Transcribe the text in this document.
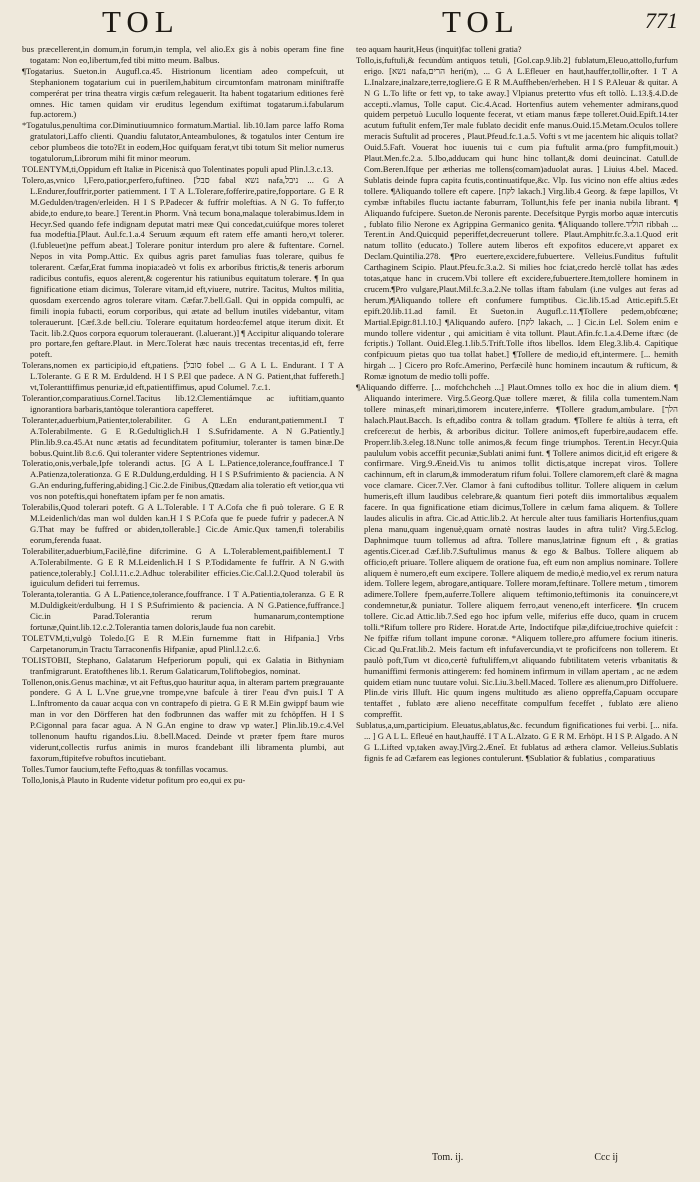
TOL	TOL	771

bus præcellerent,in domum,in forum,in templa, vel alio.Ex gis à nobis operam fine fine togatam: Non eo,libertum,fed tibi mitto meum. Balbus.

¶Togatarius. Sueton.in Augufl.ca.45. Histrionum licentiam adeo compefcuit, ut Stephanionem togatarium cui in puerilem,habitum circumtonfam matronam miniftraffe comperérat per trina theatra virgis cæfum relegauerit. Ita habent togatarium editiones ferè omnes. Hic tamen quidam vir eruditus legendum exiftimat togatarum.i.fabularum fup.actorem.)

*Togatulus,penultima cor.Diminutiuumnico formatum.Martial. lib.10.Iam parce laffo Roma gratulatori,Laffo clienti. Quandiu falutator,Anteambulones, & togatulos inter Centum ire cebor plumbeos die toto?Et in eodem,Hoc quifquam ferat,vt tibi totum Sit melior numerus togatulorum,Librorum mihi fit minor meorum.

TOLENTYM,ti,Oppidum eft Italiæ in Picenis:à quo Tolentinates populi apud Plin.l.3.c.13.

Tolero,as,vnico l,Fero,patior,perfero,fuftineo. [סבל fabal נשא nafa,ניבל ... G A L.Endurer,fouffrir,porter patiemment. I T A L.Tolerare,fofferire,patire,fopportare. G E R M.Gedulden/tragen/erleiden. H I S P.Padecer & fuffrir moleftias. A N G. To fuffer,to abide,to endure,to beare.] Terent.in Phorm. Vnà tecum bona,malaque tolerabimus.Idem in Hecyr.Sed quando fefe indignam deputat matri meæ Qui concedat,cuiúfque mores toleret fua modeftia.[Plaut. Aul.fc.1.a.4 Seruum æquum eft ratem effe amanti hero,vt tolerer.(l.fubleuet)ne peffum abeat.] Tolerare ponitur interdum pro alere & fuftentare. Cornel. Nepos in vita Pomp.Attic. Ex quibus agris paret famulias fuas tolerare, quibus fe tolerarent. Cæfar,Erat fumma inopia:adeò vt folis ex arboribus ftrictis,& teneris arborum radicibus contufis, equos alerent,& cogerentur his ratiunibus equitatum tolerare. ¶ In qua fignificatione etiam dicimus, Tolerare vitam,id eft,viuere, nutrire. Tacitus, Multos militia, quosdam exercendo agros tolerare vitam. Cæfar.7.bell.Gall. Qui in oppida compulfi, ac fimili inopia fubacti, eorum corporibus, qui ætate ad bellum inutiles videbantur, vitam tolerauerunt. [Cæf.3.de bell.ciu. Tolerare equitatum hordeo:femel atque iterum dixit. Et Tacit. lib.2.Quos corpora equorum tolerauerant. (l.aluerant.)] ¶ Accipitur aliquando tolerare pro portare,fen geftare.Plaut. in Merc.Tolerat hæc nauis trecentas trecentas,id eft, ferre poteft.

Tolerans,nomen ex participio,id eft,patiens. [סובל fobel ... G A L L. Endurant. I T A L.Tolerante. G E R M. Erduldend. H I S P.El que padece. A N G. Patient,that fuffereth.] vt,Toleranttiffimus penuriæ,id eft,patientiffimus, apud Columel. 7.c.1.

Tolerantior,comparatiuus.Cornel.Tacitus lib.12.Clementiámque ac iuftitiam,quanto ignorantiora barbaris,tantòque tolerantiora capefferet.

Toleranter,aduerbium,Patienter,tolerabiliter. G A L.En endurant,patiemment.I T A.Tolerabilmente. G E R.Gedultiglich.H I S.Sufridamente. A N G.Patiently.] Plin.lib.9.ca.45.At nunc ætatis ad fecunditatem pofitumiur, toleranter is tamen binæ.De bobus.Quint.lib 8.c.6. Qui toleranter videre Septentriones videmur.

Toleratio,onis,verbale,Ipfe tolerandi actus. [G A L L.Patience,tolerance,fouffrance.I T A.Patienza,tolerationza. G E R.Duldung,erdulding. H I S P.Sufrimiento & paciencia. A N G.An enduring,fuffering,abiding.] Cic.2.de Finibus,Qu̅ædam alia toleratio eft vetior,qua vti vos non poteftis,qui honeftatem ipfam per fe non amatis.

Tolerabilis,Quod tolerari poteft. G A L.Tolerable. I T A.Cofa che fi può tolerare. G E R M.Leidenlich/das man wol dulden kan.H I S P.Cofa que fe puede fufrir y padecer.A N G.That may be fuffred or abiden,tollerable.] Cic.de Amic.Qux tamen,fi tolerabilis eorum,ferenda fuaat.

Tolerabiliter,aduerbium,Facilè,fine difcrimine. G A L.Tolerablement,paifiblement.I T A.Tolerabilmente. G E R M.Leidenlich.H I S P.Todidamente fe fuffrir. A N G.with patience,tolerably.] Col.l.11.c.2.Adhuc tolerabiliter efficies.Cic.Cal.l.2.Quod tolerabil ùs iguiculum defideri tui ferremus.

Toleranta,tolerantia. G A L.Patience,tolerance,fouffrance. I T A.Patientia,toleranza. G E R M.Duldigkeit/erdulbung. H I S P.Sufrimiento & paciencia. A N G.Patience,fuffrance.] Cic.in Parad.Tolerantia rerum humanarum,contemptione fortunæ,Quint.lib.12.c.2.Tolerantia tamen doloris,laude fua non carebit.

TOLETVM,ti,vulgò Toledo.[G E R M.Ein furnemme ftatt in Hifpania.] Vrbs Carpetanorum,in Tractu Tarraconenfis Hifpaniæ, apud Plinl.l.2.c.6.

TOLISTOBII, Stephano, Galatarum Hefperiorum populi, qui ex Galatia in Bithyniam tranfmigrarunt. Eratofthenes lib.1. Rerum Galaticarum,Toliftobegios, nominat.

Tollenon,onis.Genus machinæ, vt ait Feftus,quo hauritur aqua, in alteram partem prægrauante pondere. G A L L.Vne grue,vne trompe,vne bafcule à tirer l'eau d'vn puis.I T A L.Inftromento da cauar acqua con vn contrapefo di pietra. G E R M.Ein gwippf baum wie man in vor den Dörfferen hat den fodbrunnen das waffer mit zu fchöpffen. H I S P.Cigonnal para facar agua. A N G.An engine to draw vp water.] Plin.lib.19.c.4.Vel tollenonum hauftu rigandos.Liu. 8.bell.Maced. Deinde vt præter fpem ftare muros viderunt,collectis rurfus animis in muros fcandebant illi libramenta plumbi, aut faxorum,ftipitefve robuftos incutiebant.

Tolles.Tumor faucium,tefte Fefto,quas & tonfillas vocamus.

Tollo,lonis,à Plauto in Rudente videtur pofitum pro eo,qui ex pu-

teo aquam haurit,Heus (inquit)fac tolleni gratia?

Tollo,is,fuftuli,& fecundùm antiquos tetuli, [Gol.cap.9.lib.2] fublatum,Eleuo,attollo,furfum erigo. [נשא nafa,הרים heri(m), ... G A L.Efleuer en haut,hauffer,tollir,ofter. I T A L.Inalzare,inalzare,terre,togliere.G E R M.Auffheben/erheben. H I S P.Aleuar & quitar. A N G L.To lifte or fett vp, to take away.] Vlpianus pretertto vfus eft tollò. L.13.§.4.D.de accepti..vlamus, Tolle caput. Cic.4.Acad. Hortenfius autem vehementer admirans,quod quidem perpetuò Lucullo loquente fecerat, vt etiam manus fæpe tolleret.Ouid.Epift.14.ter acutum fuftulit enfem,Ter male fublato decidit enfe manus.Ouid.15.Metam.Oculos tollere meracis Suftulit ad proceres , Plaut.Pfeud.fc.1.a.5. Vofti s vt me jacentem hic aliquis tollat? Ouid.5.Faft. Vouerat hoc iuuenis tui c cum pia fuftulit arma.(pro fumpfit,mouit.) Plaut.Men.fc.2.a. 5.Ibo,adducam qui hunc hinc tollant,& domi deuincinat. Catull.de Com.Beren.Ifque per ætherias me tollens(comam)aduolat auras. ] Liuius 4.bel. Maced. Sublatis deinde fupra capita fcutis,continuatifque,&c. Vlp. Ius vicino non effe altius ædes tollere. ¶Aliquando tollere eft capere. [לקח lakach.] Virg.lib.4 Georg. & fæpe lapillos, Vt cymbæ inftabiles fluctu iactante faburram, Tollunt,his fefe per inania nubila librant. ¶ Aliquando fufcipere. Sueton.de Neronis parente. Decefsitque Pyrgis morbo aquæ intercutis , fublato filio Nerone ex Agrippina Germanico genita. ¶Aliquando tollere.הוליד ribbah ... Terent.in And.Quicquid peperiffet,decreuerunt tollere. Plaut.Amphitr.fc.3.a.1.Quod erit natum tollito (educato.) Tollere autem liberos eft expofitos educere,vt apparet ex Declam.Quintilia.278. ¶Pro euertere,excidere,fubuertere. Velleius.Funditus fuftulit Carthaginem Scipio. Plaut.Pfeu.fc.3.a.2. Si milies hoc fciat,credo herclè tollat has ædes totas,atque hanc in crucem.Vbi tollere eft excidere,fubuertere.Item,tollere hominem in crucem.¶Pro vulgare,Plaut.Mil.fc.3.a.2.Ne tollas iftam fabulam (i.ne vulges aut feras ad herum.)¶Aliquando tollere eft confumere fumptibus. Cic.lib.15.ad Attic.epift.5.Et epift.20.lib.11.ad famil. Et Sueton.in Augufl.c.11.¶Tollere pedem,obfcœne; Martial.Epigr.81.l.10.] ¶Aliquando aufero. [לקח lakach, ... ] Cic.in Lel. Solem enim e mundo tollere videntur , qui amicitiam è vita tollunt. Plaut.Afin.fc.1.a.4.Deme iftæc (de fcriptis.) Tollant. Ouid.Eleg.1.lib.5.Trift.Tolle iftos libellos. Idem Eleg.3.lib.4. Capitìque confpicuum pietas quo tua tollat habet.] ¶Tollere de medio,id eft,intermere. [... hemith hirgah ... ] Cicero pro Rofc.Amerino, Perfæcilè hunc hominem incautum & rufticum, & Romæ ignotum de medio tolli poffe.

¶Aliquando differre. [... mofchchcheh ...] Plaut.Omnes tollo ex hoc die in alium diem. ¶ Aliquando interimere. Virg.5.Georg.Quæ tollere mæret, & filila colla tumentem.Nam tollere minas,eft minari,timorem incutere,inferre. ¶Tollere gradum,ambulare. [הלך halach.Plaut.Bacch. Is eft,adibo contra & tollam gradum. ¶Tollere fe altiùs à terra, eft crefcere:ut de herbis, & arboribus dicitur. Tollere animos,eft fuperbire,audacem effe. Properr.lib.3.eleg.18.Nunc tolle animos,& fecum finge triumphos. Terent.in Hecyr.Quia paululum vobis acceffit pecuniæ,Sublati animi funt. ¶ Tollere animos dicit,id eft erigere & confirmare. Virg.9.Æneid.Vis tu animos tollit dictis,atque increpat viros. Tollere cachinnum, eft in clarum,& immoderatum rifum folui. Tollere clamorem,eft clarè & magna voce clamare. Cicer.7.Ver. Clamor à fani cuftodibus tollitur. Tollere aliquem in cælum humeris,eft illum laudibus celebrare,& quantum fieri poteft diis immortalibus æqualem facere. In qua fignificatione etiam dicimus,Tollere in cælum fama aliquem. & Tollere laudes aliculis in aftra. Cic.ad Attic.lib.2. At hercule alter tuus familiaris Hortenfius,quam plena manu,quam ingenuè,quam ornatè nostras laudes in aftra tulit? Virg.5.Eclog. Daphnimque tuum tollemus ad aftra. Tollere manus,latrinæ fignum eft , & gratias agentis.Cicer.ad Cæf.lib.7.Suftulimus manus & ego & Balbus. Tollere aliquem ab officio,eft priuare. Tollere aliquem de oratione fua, eft eum non amplius nominare. Tollere aliquem è numero,eft eum excipere. Tollere aliquem de medio,è medio,vel ex rerum natura idem. Tollere legem, abrogare,antiquare. Tollere moram,feftinare. Tollere metum , timorem adimere.Tollere fpem,auferre.Tollere aliquem teftimonio,teftimonis ita conuincere,vt condemnetur,& puniatur. Tollere aliquem ferro,aut veneno,eft interficere. ¶In crucem tollere. Cic.ad Attic.lib.7.Sed ego hoc ipfum velle, miferius effe duco, quam in crucem tolli.*Rifum tollere pro Ridere. Horat.de Arte, Indoctifque pilæ,difciue,trochive quiefcit : Ne fpiffæ rifum tollant impune coronæ. *Aliquem tollere,pro affumere focium itineris. Cic.ad Qu.Frat.lib.2. Meis factum eft infufavercundia,vt te proficifcens non tollerem. Et paulò poft,Tum vt dico,certè fuftuliffem,vt aliquando fubtilitatem veteris vrbanitatis & humaniffimi fermonis attingerem: fed hominem infirmum in villam apertam , ac ne ædem quidem etiam nunc tuutare volui. Sic.Liu.3.bell.Maced. Tollere æs alienum,pro Diffoluere. Plin.de viris Illuft. Hic quum ingens multitudo æs alieno oppreffa,Capuam occupare tentaffet , fublato ære alieno neceffitate compulfum feceffet , fublato ære alieno compreffit.

Sublatus,a,um,participium. Eleuatus,ablatus,&c. fecundum fignificationes fui verbi. [... nifa. ... ] G A L L. Efleué en haut,hauffé. I T A L.Alzato. G E R M. Erhöpt. H I S P. Algado. A N G L.Lifted vp,taken away.]Virg.2.Æneî. Et fublatus ad æthera clamor. Velleius.Sublatis fignis fe ad Cæfarem eas legiones contulerunt. ¶Sublatior & fublatius , comparatiuus

Tom. ij.	Ccc ij
